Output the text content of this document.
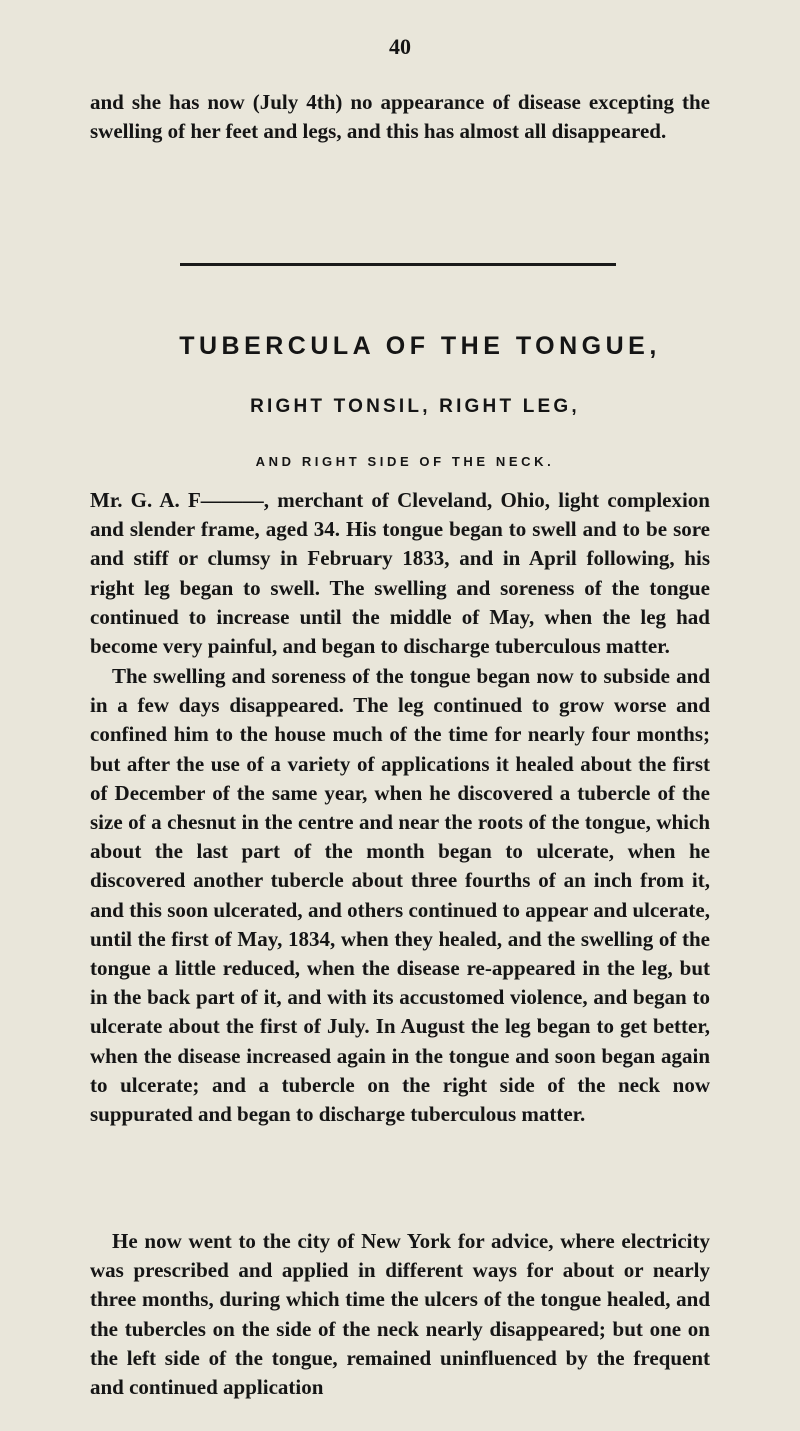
40

and she has now (July 4th) no appearance of disease excepting the swelling of her feet and legs, and this has almost all disappeared.

TUBERCULA OF THE TONGUE,

RIGHT TONSIL, RIGHT LEG,

AND RIGHT SIDE OF THE NECK.

Mr. G. A. F———, merchant of Cleveland, Ohio, light complexion and slender frame, aged 34. His tongue began to swell and to be sore and stiff or clumsy in February 1833, and in April following, his right leg began to swell. The swelling and soreness of the tongue continued to increase until the middle of May, when the leg had become very painful, and began to discharge tuberculous matter.

The swelling and soreness of the tongue began now to subside and in a few days disappeared. The leg continued to grow worse and confined him to the house much of the time for nearly four months; but after the use of a variety of applications it healed about the first of December of the same year, when he discovered a tubercle of the size of a chesnut in the centre and near the roots of the tongue, which about the last part of the month began to ulcerate, when he discovered another tubercle about three fourths of an inch from it, and this soon ulcerated, and others continued to appear and ulcerate, until the first of May, 1834, when they healed, and the swelling of the tongue a little reduced, when the disease re-appeared in the leg, but in the back part of it, and with its accustomed violence, and began to ulcerate about the first of July. In August the leg began to get better, when the disease increased again in the tongue and soon began again to ulcerate; and a tubercle on the right side of the neck now suppurated and began to discharge tuberculous matter.

He now went to the city of New York for advice, where electricity was prescribed and applied in different ways for about or nearly three months, during which time the ulcers of the tongue healed, and the tubercles on the side of the neck nearly disappeared; but one on the left side of the tongue, remained uninfluenced by the frequent and continued application
